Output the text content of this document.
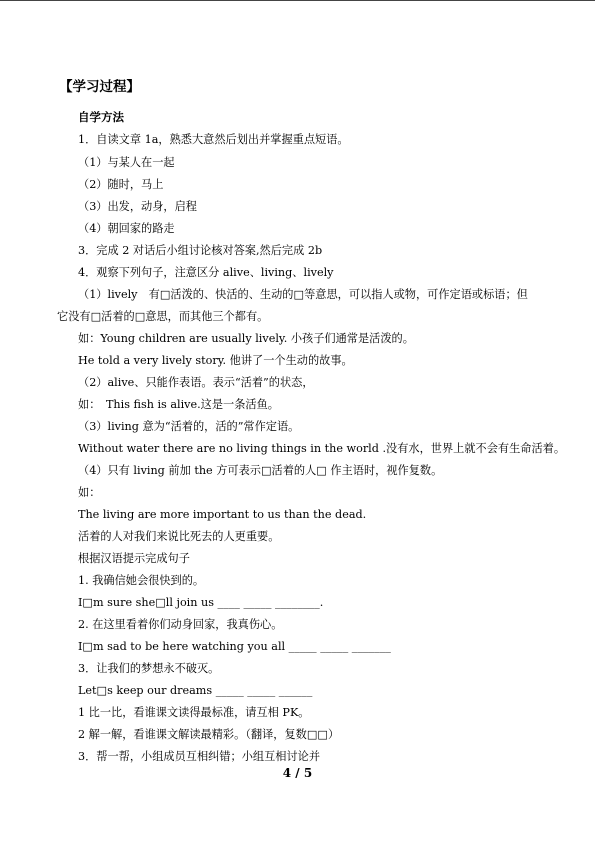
【学习过程】
自学方法
1．自读文章 1a，熟悉大意然后划出并掌握重点短语。
（1）与某人在一起
（2）随时，马上
（3）出发，动身，启程
（4）朝回家的路走
3．完成 2 对话后小组讨论核对答案,然后完成 2b
4．观察下列句子，注意区分 alive、living、lively
（1）lively　有□活泼的、快活的、生动的□等意思，可以指人或物，可作定语或标语；但
它没有□活着的□意思，而其他三个都有。
如：Young children are usually lively. 小孩子们通常是活泼的。
He told a very lively story. 他讲了一个生动的故事。
（2）alive、只能作表语。表示“活着”的状态，
如：　This fish is alive.这是一条活鱼。
（3）living 意为“活着的，活的”常作定语。
Without water there are no living things in the world .没有水，世界上就不会有生命活着。
（4）只有 living 前加 the 方可表示□活着的人□ 作主语时，视作复数。
如：
The living are more important to us than the dead.
活着的人对我们来说比死去的人更重要。
根据汉语提示完成句子
1. 我确信她会很快到的。
I□m sure she□ll join us ____ _____ ________.
2. 在这里看着你们动身回家，我真伤心。
I□m sad to be here watching you all _____ _____ _______
3．让我们的梦想永不破灭。
Let□s keep our dreams _____ _____ ______
1 比一比，看谁课文读得最标准，请互相 PK。
2 解一解，看谁课文解读最精彩。（翻译，复数□□）
3．帮一帮，小组成员互相纠错；小组互相讨论并
4 / 5
